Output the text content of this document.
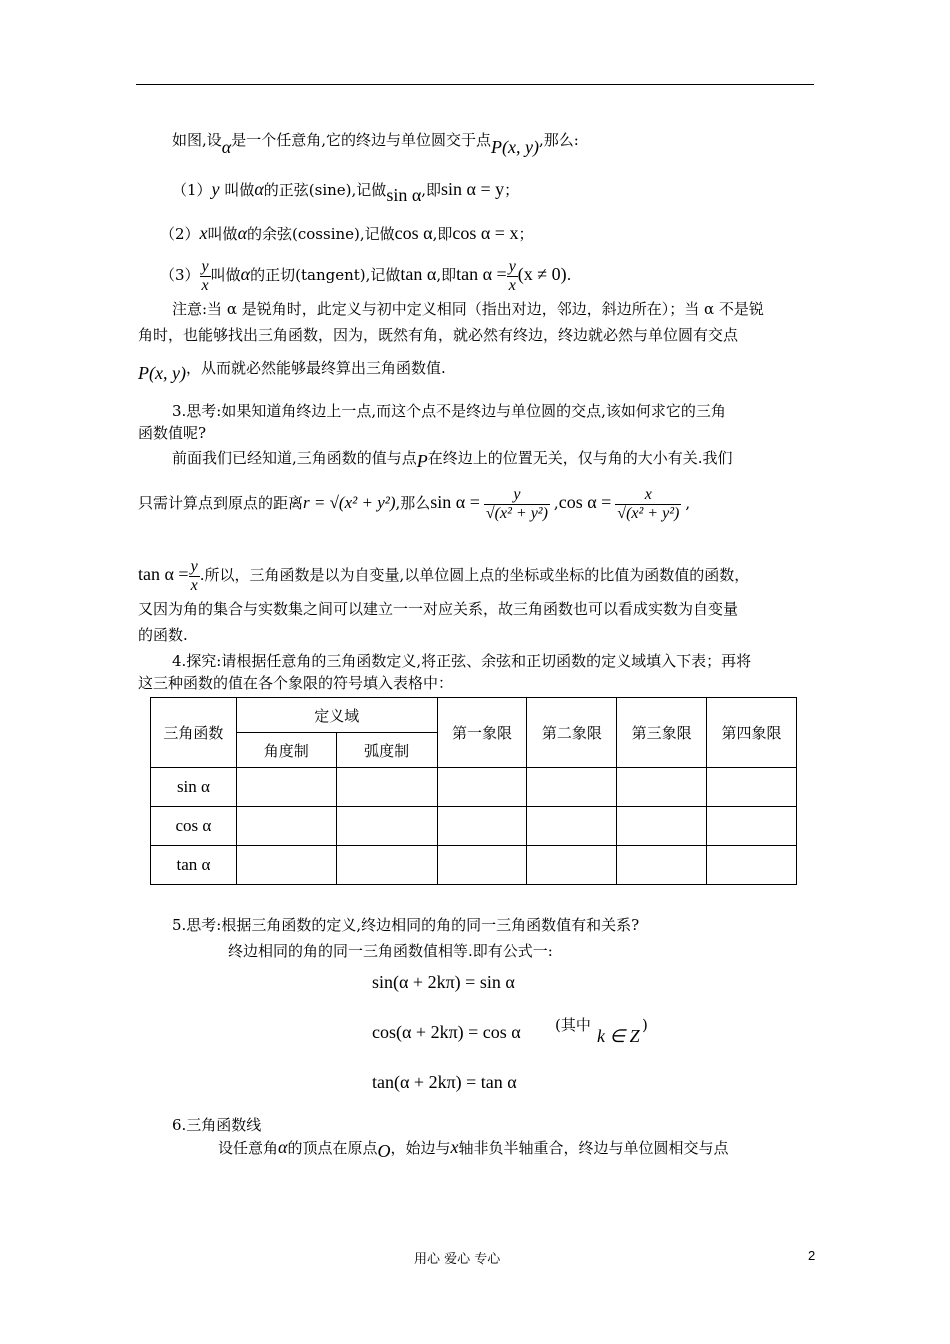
如图,设α是一个任意角,它的终边与单位圆交于点P(x, y),那么:
（1）y 叫做α的正弦(sine),记做sin α,即sin α = y；
（2）x叫做α的余弦(cossine),记做cos α,即cos α = x；
$(3) \frac{y}{x}$ 叫做α的正切(tangent),记做tan α,即$\tan \alpha = \frac{y}{x} (x \ne 0)$.
注意:当 α 是锐角时，此定义与初中定义相同（指出对边，邻边，斜边所在）；当 α 不是锐
角时，也能够找出三角函数，因为，既然有角，就必然有终边，终边就必然与单位圆有交点
P(x, y)，从而就必然能够最终算出三角函数值.
3.思考:如果知道角终边上一点,而这个点不是终边与单位圆的交点,该如何求它的三角
函数值呢?
前面我们已经知道,三角函数的值与点P在终边上的位置无关，仅与角的大小有关.我们
只需计算点到原点的距离r = √(x² + y²),那么$\sin \alpha = \frac{y}{\text{√(x² + y²)}} ,\cos$ $\alpha = \frac{x}{\text{√(x² + y²)}}$ ,
$\tan \alpha = \frac{y}{x}$ .所以，三角函数是以为自变量,以单位圆上点的坐标或坐标的比值为函数值的函数，
又因为角的集合与实数集之间可以建立一一对应关系，故三角函数也可以看成实数为自变量
的函数.
4.探究:请根据任意角的三角函数定义,将正弦、余弦和正切函数的定义域填入下表；再将
这三种函数的值在各个象限的符号填入表格中：
三角函数	定义域		第一象限	第二象限	第三象限	第四象限
	角度制	弧度制				
sin α						
cos α						
tan α						
5.思考:根据三角函数的定义,终边相同的角的同一三角函数值有和关系?
终边相同的角的同一三角函数值相等.即有公式一:
sin(α + 2kπ) = sin α
cos(α + 2kπ) = cos α (其中
k ∈ Z
)
tan(α + 2kπ) = tan α
6.三角函数线
设任意角α的顶点在原点O，始边与x轴非负半轴重合，终边与单位圆相交与点
用心 爱心 专心	2
